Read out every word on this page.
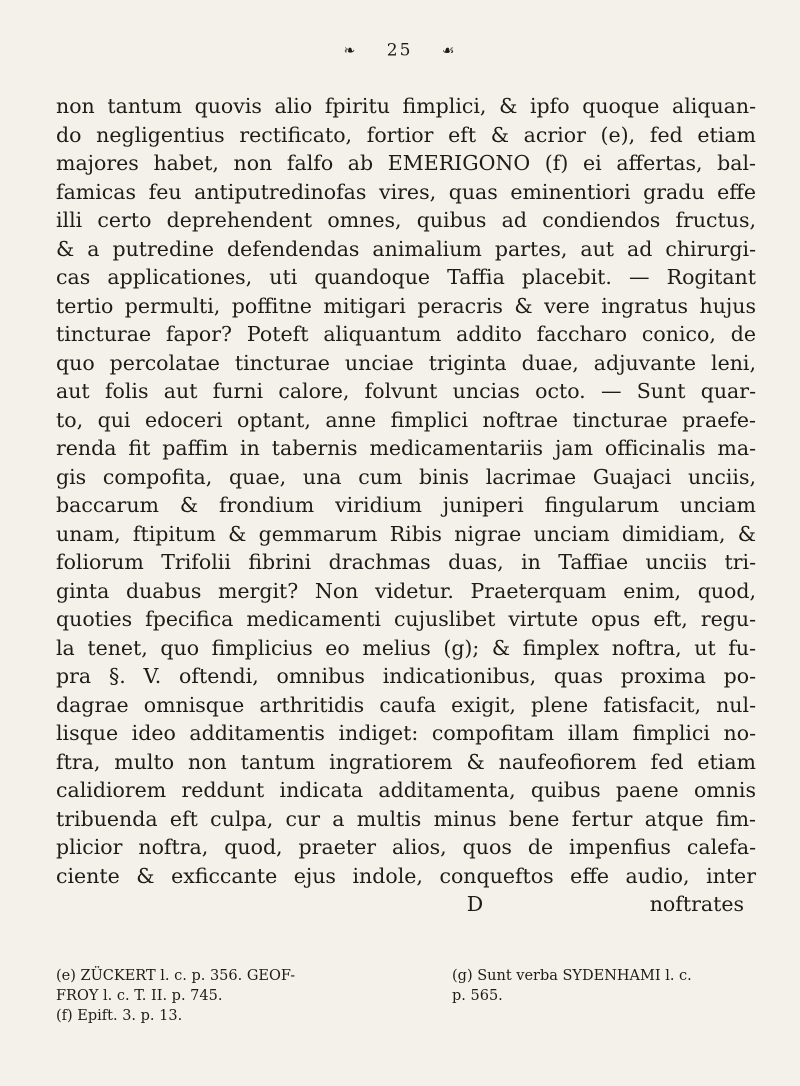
❧ 25 ☙
non tantum quovis alio fpiritu fimplici, & ipfo quoque aliquan-
do negligentius rectificato, fortior eft & acrior (e), fed etiam
majores habet, non falfo ab EMERIGONO (f) ei affertas, bal-
famicas feu antiputredinofas vires, quas eminentiori gradu effe
illi certo deprehendent omnes, quibus ad condiendos fructus,
& a putredine defendendas animalium partes, aut ad chirurgi-
cas applicationes, uti quandoque Taffia placebit. — Rogitant
tertio permulti, poffitne mitigari peracris & vere ingratus hujus
tincturae fapor? Poteft aliquantum addito faccharo conico, de
quo percolatae tincturae unciae triginta duae, adjuvante leni,
aut folis aut furni calore, folvunt uncias octo. — Sunt quar-
to, qui edoceri optant, anne fimplici noftrae tincturae praefe-
renda fit paffim in tabernis medicamentariis jam officinalis ma-
gis compofita, quae, una cum binis lacrimae Guajaci unciis,
baccarum & frondium viridium juniperi fingularum unciam
unam, ftipitum & gemmarum Ribis nigrae unciam dimidiam, &
foliorum Trifolii fibrini drachmas duas, in Taffiae unciis tri-
ginta duabus mergit? Non videtur. Praeterquam enim, quod,
quoties fpecifica medicamenti cujuslibet virtute opus eft, regu-
la tenet, quo fimplicius eo melius (g); & fimplex noftra, ut fu-
pra §. V. oftendi, omnibus indicationibus, quas proxima po-
dagrae omnisque arthritidis caufa exigit, plene fatisfacit, nul-
lisque ideo additamentis indiget: compofitam illam fimplici no-
ftra, multo non tantum ingratiorem & naufeofiorem fed etiam
calidiorem reddunt indicata additamenta, quibus paene omnis
tribuenda eft culpa, cur a multis minus bene fertur atque fim-
plicior noftra, quod, praeter alios, quos de impenfius calefa-
ciente & exficcante ejus indole, conqueftos effe audio, inter
D	noftrates
(e) ZÜCKERT l. c. p. 356. GEOF-
FROY l. c. T. II. p. 745.
(f) Epift. 3. p. 13.
(g) Sunt verba SYDENHAMI l. c.
p. 565.
